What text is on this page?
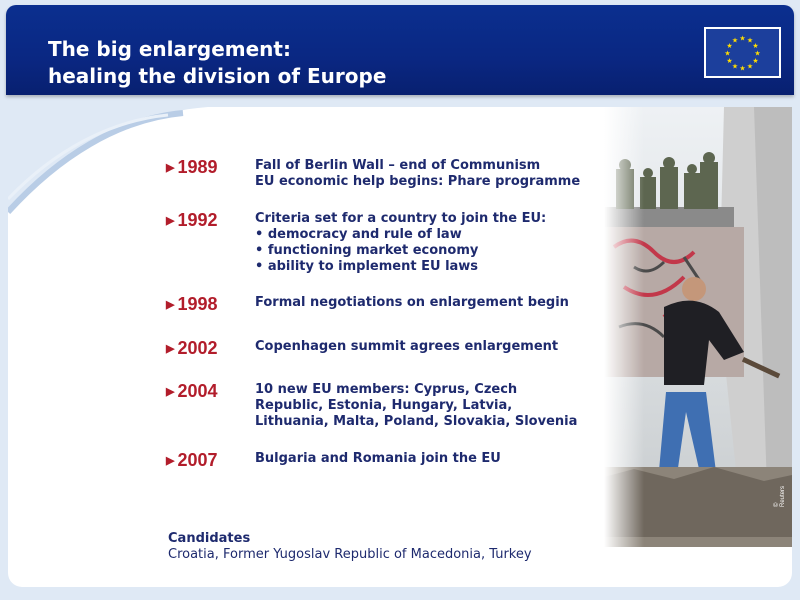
The big enlargement:
healing the division of Europe
★ ★
★
★
★
★
★
★
★
★
★
★
© Reuters
▶ 1989	Fall of Berlin Wall – end of Communism
EU economic help begins: Phare programme
▶ 1992	Criteria set for a country to join the EU:
• democracy and rule of law
• functioning market economy
• ability to implement EU laws
▶ 1998	Formal negotiations on enlargement begin
▶ 2002	Copenhagen summit agrees enlargement
▶ 2004	10 new EU members: Cyprus, Czech
Republic, Estonia, Hungary, Latvia,
Lithuania, Malta, Poland, Slovakia, Slovenia
▶ 2007	Bulgaria and Romania join the EU
Candidates
Croatia, Former Yugoslav Republic of Macedonia, Turkey
